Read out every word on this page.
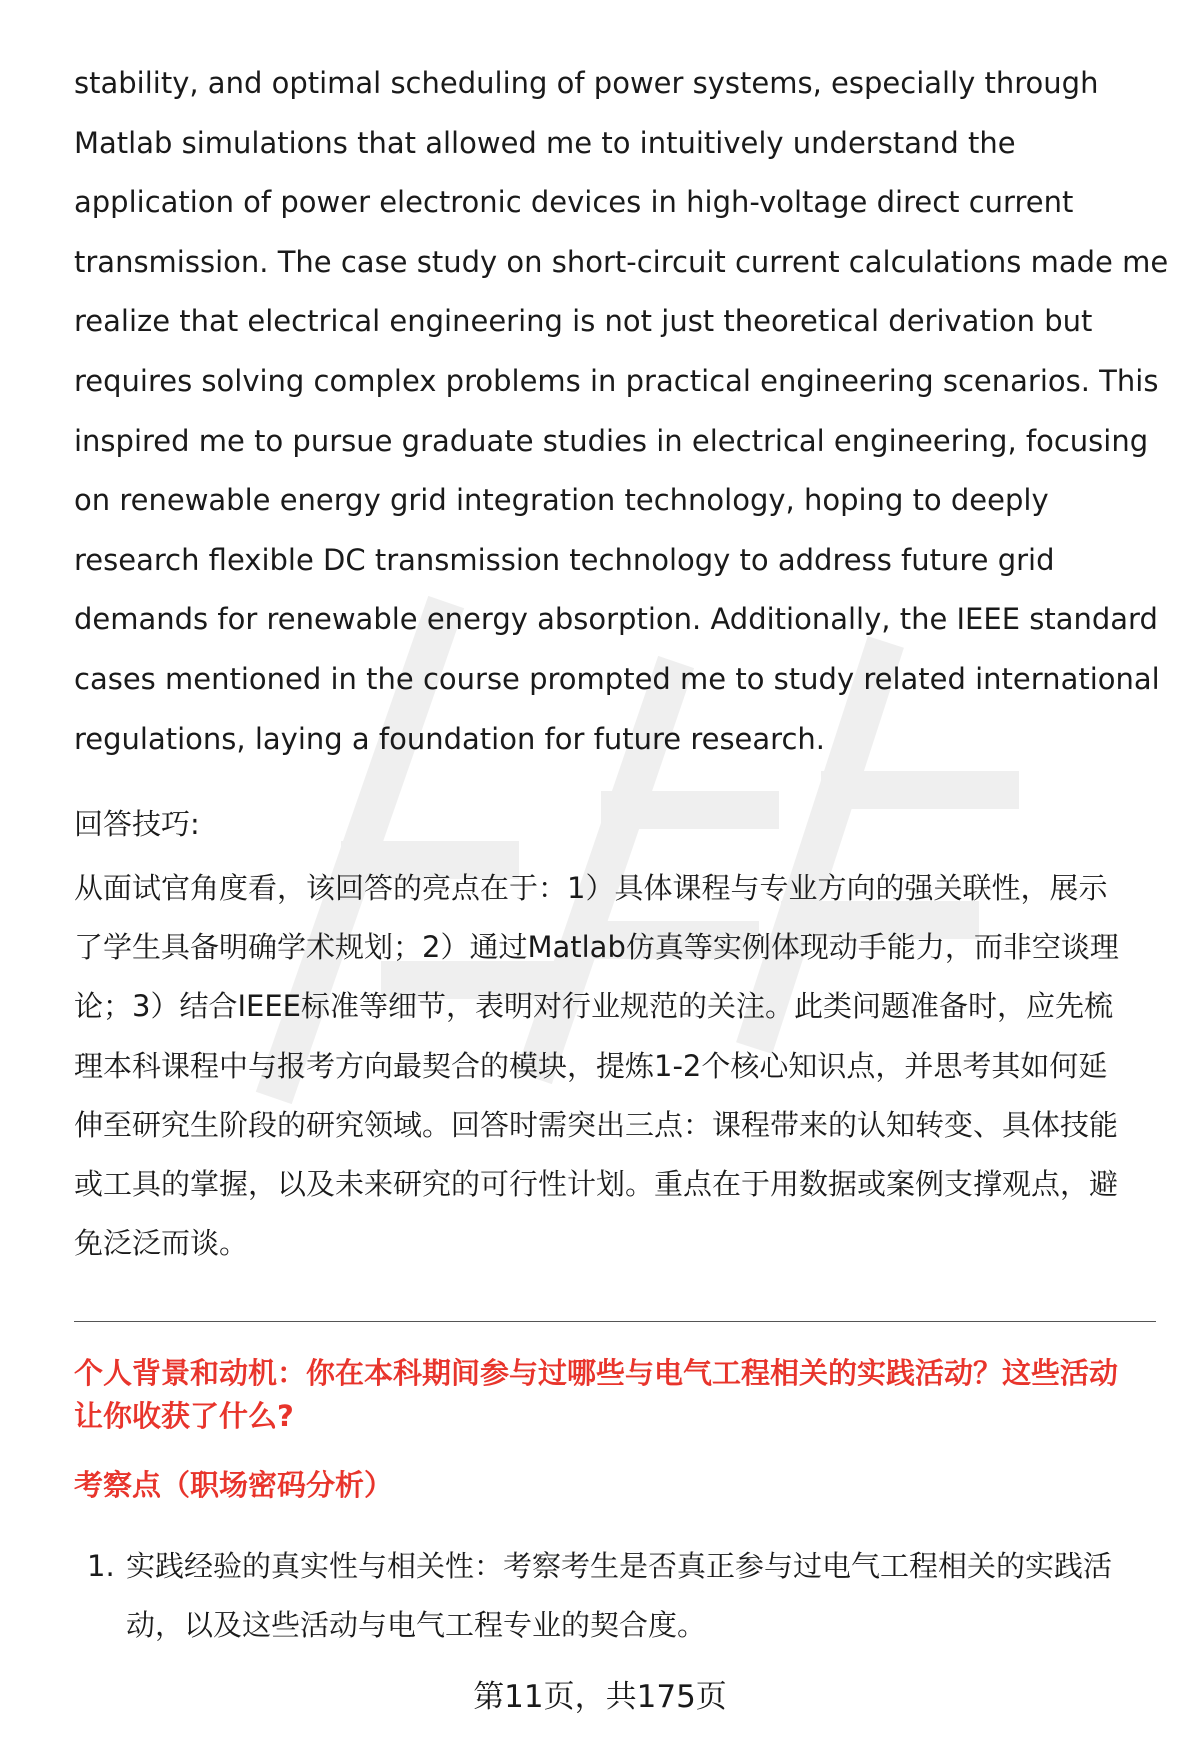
stability, and optimal scheduling of power systems, especially through
Matlab simulations that allowed me to intuitively understand the
application of power electronic devices in high-voltage direct current
transmission. The case study on short-circuit current calculations made me
realize that electrical engineering is not just theoretical derivation but
requires solving complex problems in practical engineering scenarios. This
inspired me to pursue graduate studies in electrical engineering, focusing
on renewable energy grid integration technology, hoping to deeply
research flexible DC transmission technology to address future grid
demands for renewable energy absorption. Additionally, the IEEE standard
cases mentioned in the course prompted me to study related international
regulations, laying a foundation for future research.

回答技巧:

从面试官角度看，该回答的亮点在于：1）具体课程与专业方向的强关联性，展示
了学生具备明确学术规划；2）通过Matlab仿真等实例体现动手能力，而非空谈理
论；3）结合IEEE标准等细节，表明对行业规范的关注。此类问题准备时，应先梳
理本科课程中与报考方向最契合的模块，提炼1-2个核心知识点，并思考其如何延
伸至研究生阶段的研究领域。回答时需突出三点：课程带来的认知转变、具体技能
或工具的掌握，以及未来研究的可行性计划。重点在于用数据或案例支撑观点，避
免泛泛而谈。
个人背景和动机：你在本科期间参与过哪些与电气工程相关的实践活动？这些活动
让你收获了什么?

考察点（职场密码分析）

1. 实践经验的真实性与相关性：考察考生是否真正参与过电气工程相关的实践活
动，以及这些活动与电气工程专业的契合度。
第11页，共175页
